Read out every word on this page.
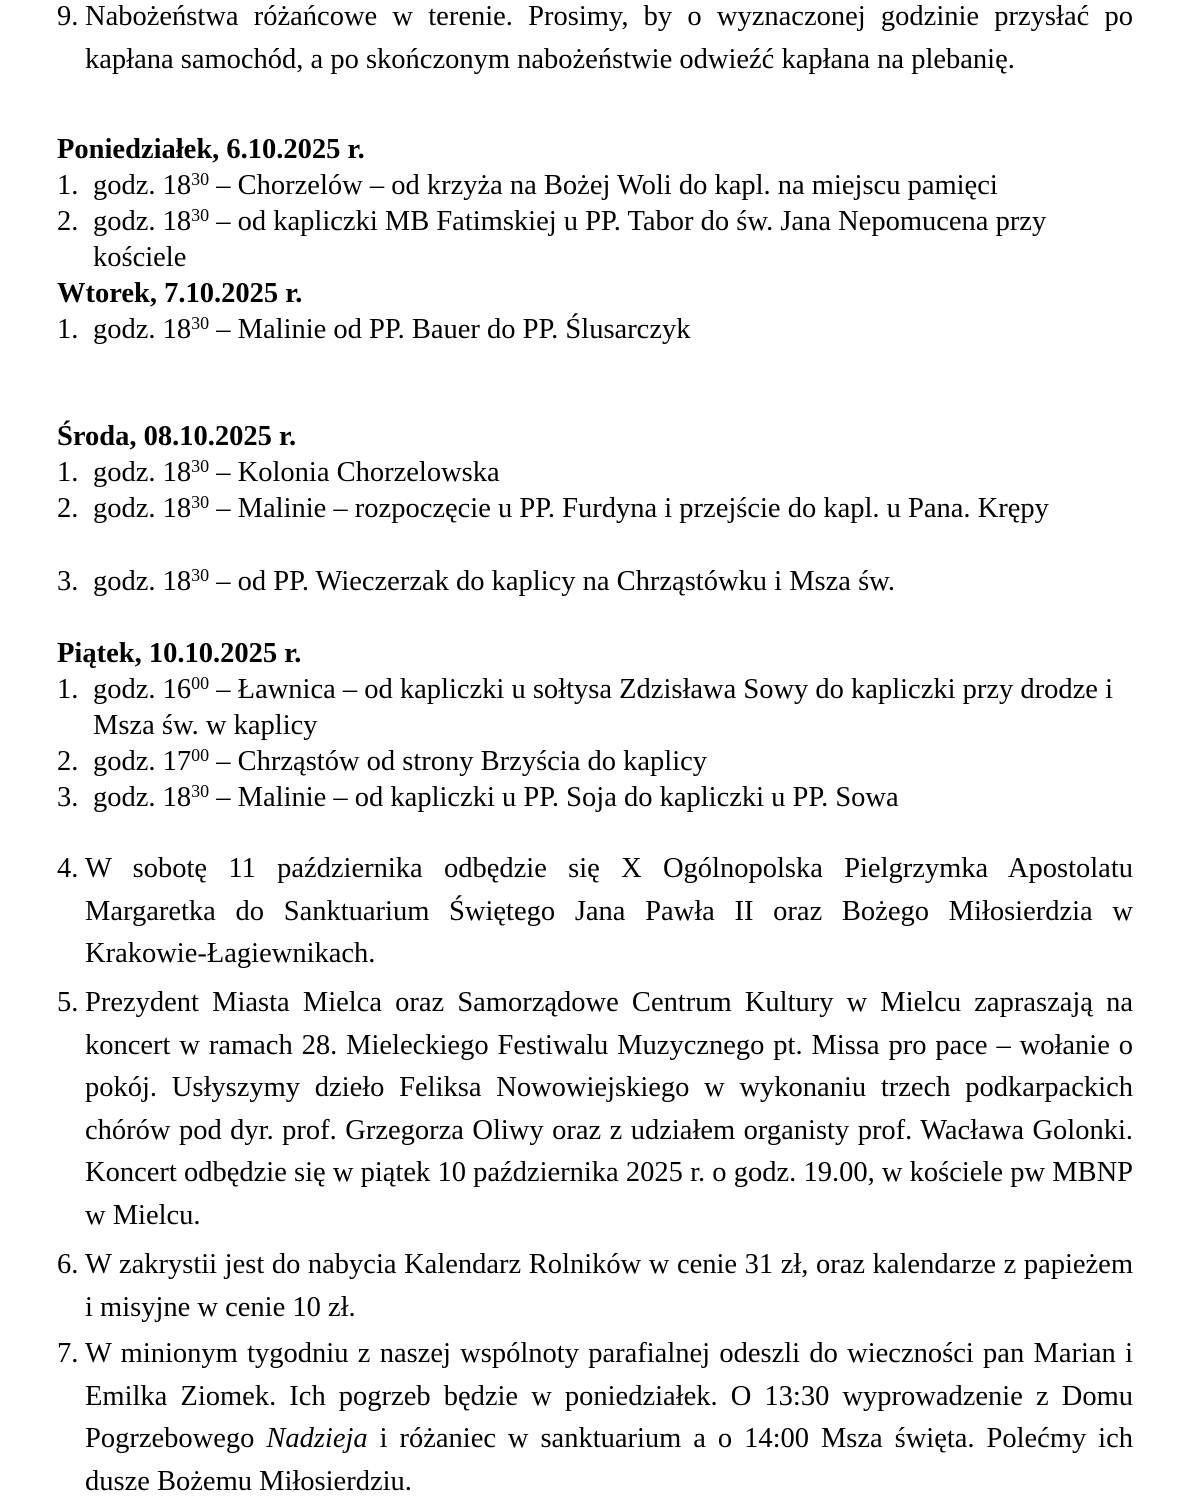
9. Nabożeństwa różańcowe w terenie. Prosimy, by o wyznaczonej godzinie przysłać po kapłana samochód, a po skończonym nabożeństwie odwieźć kapłana na plebanię.
Poniedziałek, 6.10.2025 r.
1. godz. $18^{30}$ – Chorzelów – od krzyża na Bożej Woli do kapl. na miejscu pamięci
2. godz. $18^{30}$ – od kapliczki MB Fatimskiej u PP. Tabor do św. Jana Nepomucena przy kościele
Wtorek, 7.10.2025 r.
1. godz. $18^{30}$ – Malinie od PP. Bauer do PP. Ślusarczyk
Środa, 08.10.2025 r.
1. godz. $18^{30}$ – Kolonia Chorzelowska
2. godz. $18^{30}$ – Malinie – rozpoczęcie u PP. Furdyna i przejście do kapl. u Pana. Krępy
3. godz. $18^{30}$ – od PP. Wieczerzak do kaplicy na Chrząstówku i Msza św.
Piątek, 10.10.2025 r.
1. godz. $16^{00}$ – Ławnica – od kapliczki u sołtysa Zdzisława Sowy do kapliczki przy drodze i Msza św. w kaplicy
2. godz. $17^{00}$ – Chrząstów od strony Brzyścia do kaplicy
3. godz. $18^{30}$ – Malinie – od kapliczki u PP. Soja do kapliczki u PP. Sowa
4. W sobotę 11 października odbędzie się X Ogólnopolska Pielgrzymka Apostolatu Margaretka do Sanktuarium Świętego Jana Pawła II oraz Bożego Miłosierdzia w Krakowie-Łagiewnikach.
5. Prezydent Miasta Mielca oraz Samorządowe Centrum Kultury w Mielcu zapraszają na koncert w ramach 28. Mieleckiego Festiwalu Muzycznego pt. Missa pro pace – wołanie o pokój. Usłyszymy dzieło Feliksa Nowowiejskiego w wykonaniu trzech podkarpackich chórów pod dyr. prof. Grzegorza Oliwy oraz z udziałem organisty prof. Wacława Golonki. Koncert odbędzie się w piątek 10 października 2025 r. o godz. 19.00, w kościele pw MBNP w Mielcu.
6. W zakrystii jest do nabycia Kalendarz Rolników w cenie 31 zł, oraz kalendarze z papieżem i misyjne w cenie 10 zł.
7. W minionym tygodniu z naszej wspólnoty parafialnej odeszli do wieczności pan Marian i Emilka Ziomek. Ich pogrzeb będzie w poniedziałek. O 13:30 wyprowadzenie z Domu Pogrzebowego Nadzieja i różaniec w sanktuarium a o 14:00 Msza święta. Polećmy ich dusze Bożemu Miłosierdziu.
